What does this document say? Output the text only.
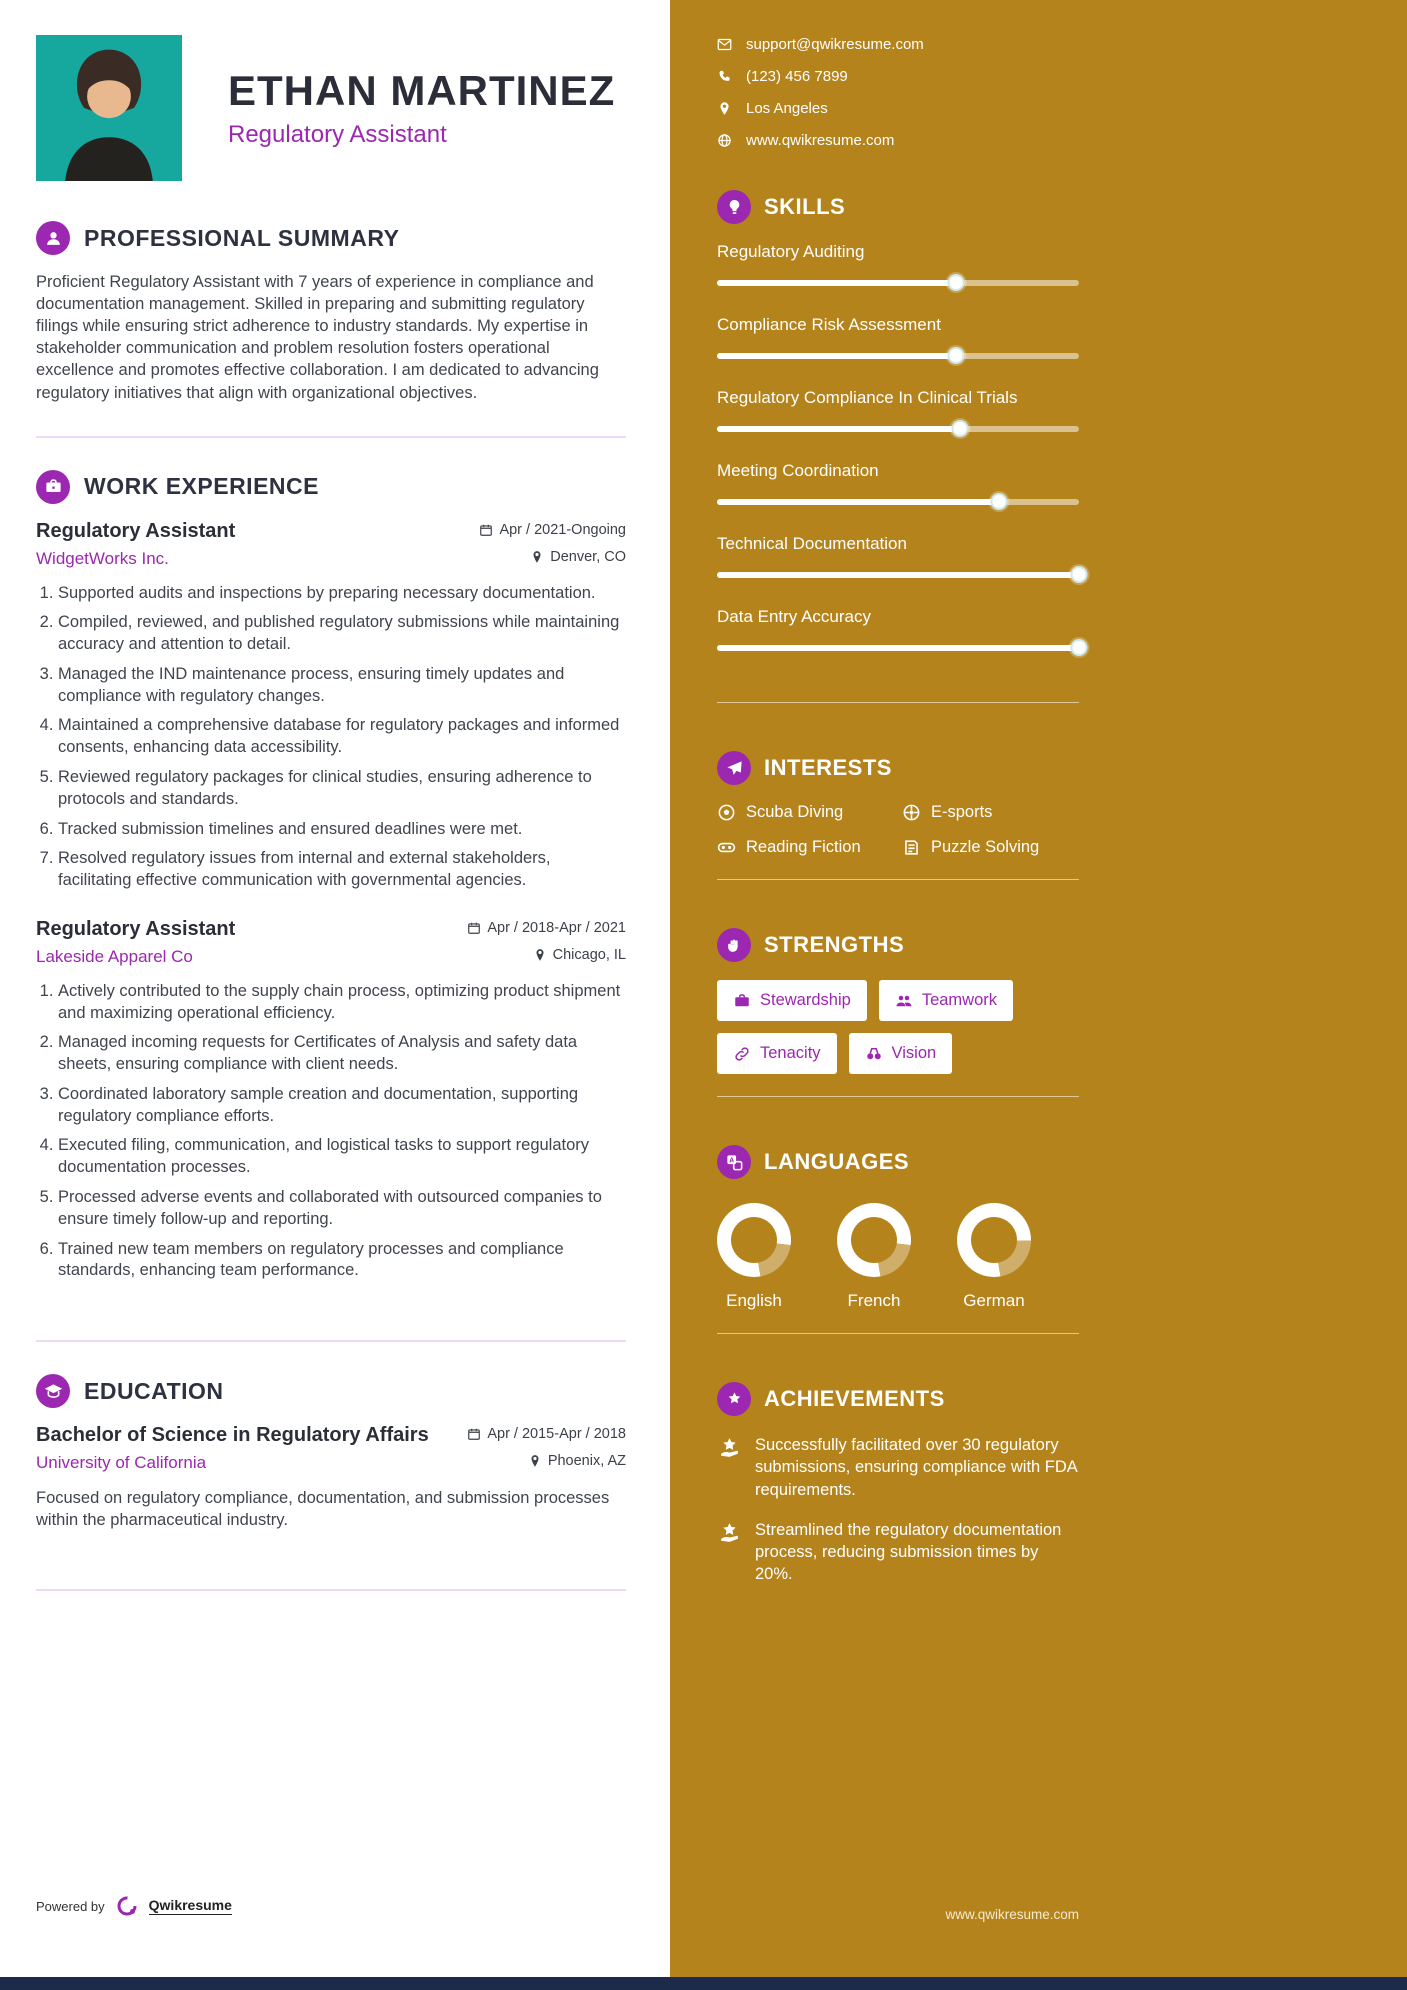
ETHAN MARTINEZ
Regulatory Assistant
PROFESSIONAL SUMMARY

Proficient Regulatory Assistant with 7 years of experience in compliance and documentation management. Skilled in preparing and submitting regulatory filings while ensuring strict adherence to industry standards. My expertise in stakeholder communication and problem resolution fosters operational excellence and promotes effective collaboration. I am dedicated to advancing regulatory initiatives that align with organizational objectives.

WORK EXPERIENCE
Regulatory Assistant	Apr / 2021-Ongoing
WidgetWorks Inc.	Denver, CO
1. Supported audits and inspections by preparing necessary documentation.
2. Compiled, reviewed, and published regulatory submissions while maintaining accuracy and attention to detail.
3. Managed the IND maintenance process, ensuring timely updates and compliance with regulatory changes.
4. Maintained a comprehensive database for regulatory packages and informed consents, enhancing data accessibility.
5. Reviewed regulatory packages for clinical studies, ensuring adherence to protocols and standards.
6. Tracked submission timelines and ensured deadlines were met.
7. Resolved regulatory issues from internal and external stakeholders, facilitating effective communication with governmental agencies.
Regulatory Assistant	Apr / 2018-Apr / 2021
Lakeside Apparel Co	Chicago, IL
1. Actively contributed to the supply chain process, optimizing product shipment and maximizing operational efficiency.
2. Managed incoming requests for Certificates of Analysis and safety data sheets, ensuring compliance with client needs.
3. Coordinated laboratory sample creation and documentation, supporting regulatory compliance efforts.
4. Executed filing, communication, and logistical tasks to support regulatory documentation processes.
5. Processed adverse events and collaborated with outsourced companies to ensure timely follow-up and reporting.
6. Trained new team members on regulatory processes and compliance standards, enhancing team performance.
EDUCATION
Bachelor of Science in Regulatory Affairs	Apr / 2015-Apr / 2018
University of California	Phoenix, AZ

Focused on regulatory compliance, documentation, and submission processes within the pharmaceutical industry.

Powered by	Qwikresume
support@qwikresume.com
(123) 456 7899
Los Angeles
www.qwikresume.com
SKILLS
Regulatory Auditing
Compliance Risk Assessment
Regulatory Compliance In Clinical Trials
Meeting Coordination
Technical Documentation
Data Entry Accuracy
INTERESTS
Scuba Diving	E-sports
Reading Fiction	Puzzle Solving
STRENGTHS
Stewardship	Teamwork
Tenacity	Vision
A LANGUAGES
English	French	German
ACHIEVEMENTS
Successfully facilitated over 30 regulatory submissions, ensuring compliance with FDA requirements.
Streamlined the regulatory documentation process, reducing submission times by 20%.
www.qwikresume.com
